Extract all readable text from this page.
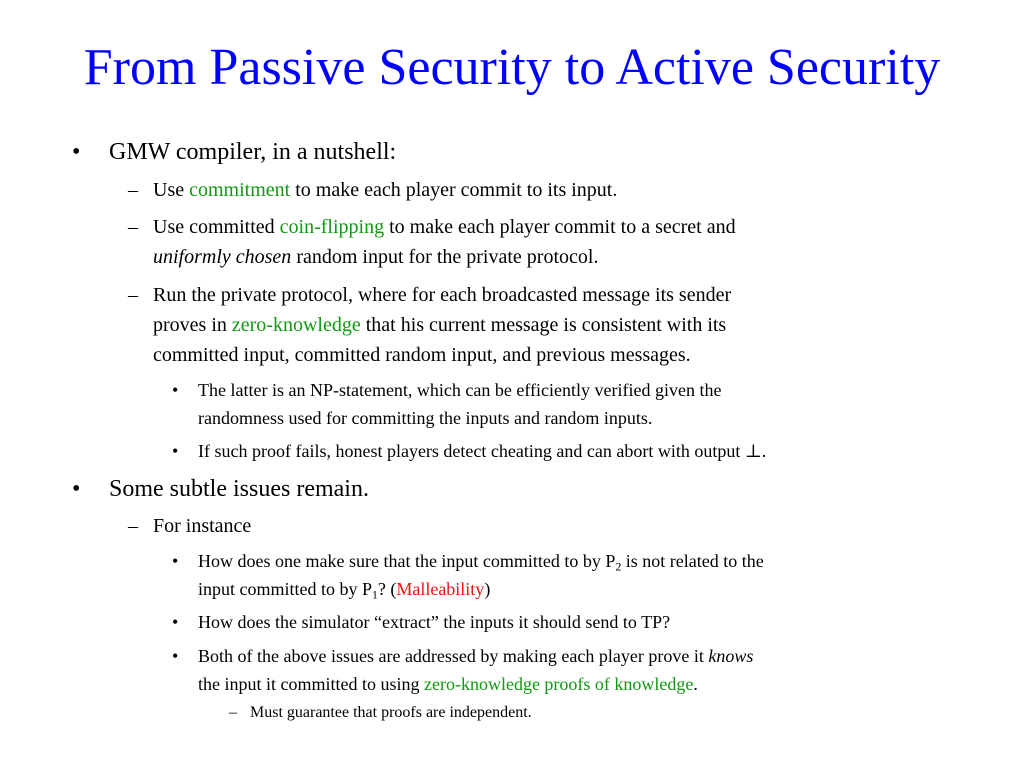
From Passive Security to Active Security
• GMW compiler, in a nutshell:
– Use commitment to make each player commit to its input.
– Use committed coin-flipping to make each player commit to a secret and
uniformly chosen random input for the private protocol.
– Run the private protocol, where for each broadcasted message its sender
proves in zero-knowledge that his current message is consistent with its
committed input, committed random input, and previous messages.
• The latter is an NP-statement, which can be efficiently verified given the
randomness used for committing the inputs and random inputs.
• If such proof fails, honest players detect cheating and can abort with output ⊥.
• Some subtle issues remain.
– For instance
• How does one make sure that the input committed to by $P_2$ is not related to the
input committed to by $P_1$? (Malleability)
• How does the simulator “extract” the inputs it should send to TP?
• Both of the above issues are addressed by making each player prove it knows
the input it committed to using zero-knowledge proofs of knowledge.
– Must guarantee that proofs are independent.
